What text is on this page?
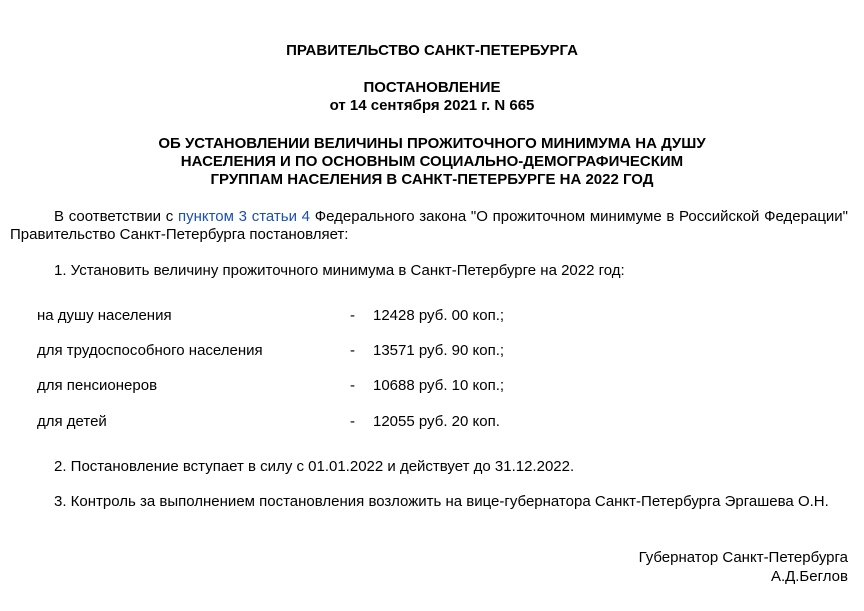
ПРАВИТЕЛЬСТВО САНКТ-ПЕТЕРБУРГА
ПОСТАНОВЛЕНИЕ
от 14 сентября 2021 г. N 665
ОБ УСТАНОВЛЕНИИ ВЕЛИЧИНЫ ПРОЖИТОЧНОГО МИНИМУМА НА ДУШУ
НАСЕЛЕНИЯ И ПО ОСНОВНЫМ СОЦИАЛЬНО-ДЕМОГРАФИЧЕСКИМ
ГРУППАМ НАСЕЛЕНИЯ В САНКТ-ПЕТЕРБУРГЕ НА 2022 ГОД
В соответствии с пунктом 3 статьи 4 Федерального закона "О прожиточном минимуме в Российской Федерации" Правительство Санкт-Петербурга постановляет:
1. Установить величину прожиточного минимума в Санкт-Петербурге на 2022 год:
на душу населения	- 12428 руб. 00 коп.;
для трудоспособного населения	- 13571 руб. 90 коп.;
для пенсионеров	- 10688 руб. 10 коп.;
для детей	- 12055 руб. 20 коп.
2. Постановление вступает в силу с 01.01.2022 и действует до 31.12.2022.
3. Контроль за выполнением постановления возложить на вице-губернатора Санкт-Петербурга Эргашева О.Н.
Губернатор Санкт-Петербурга
А.Д.Беглов
